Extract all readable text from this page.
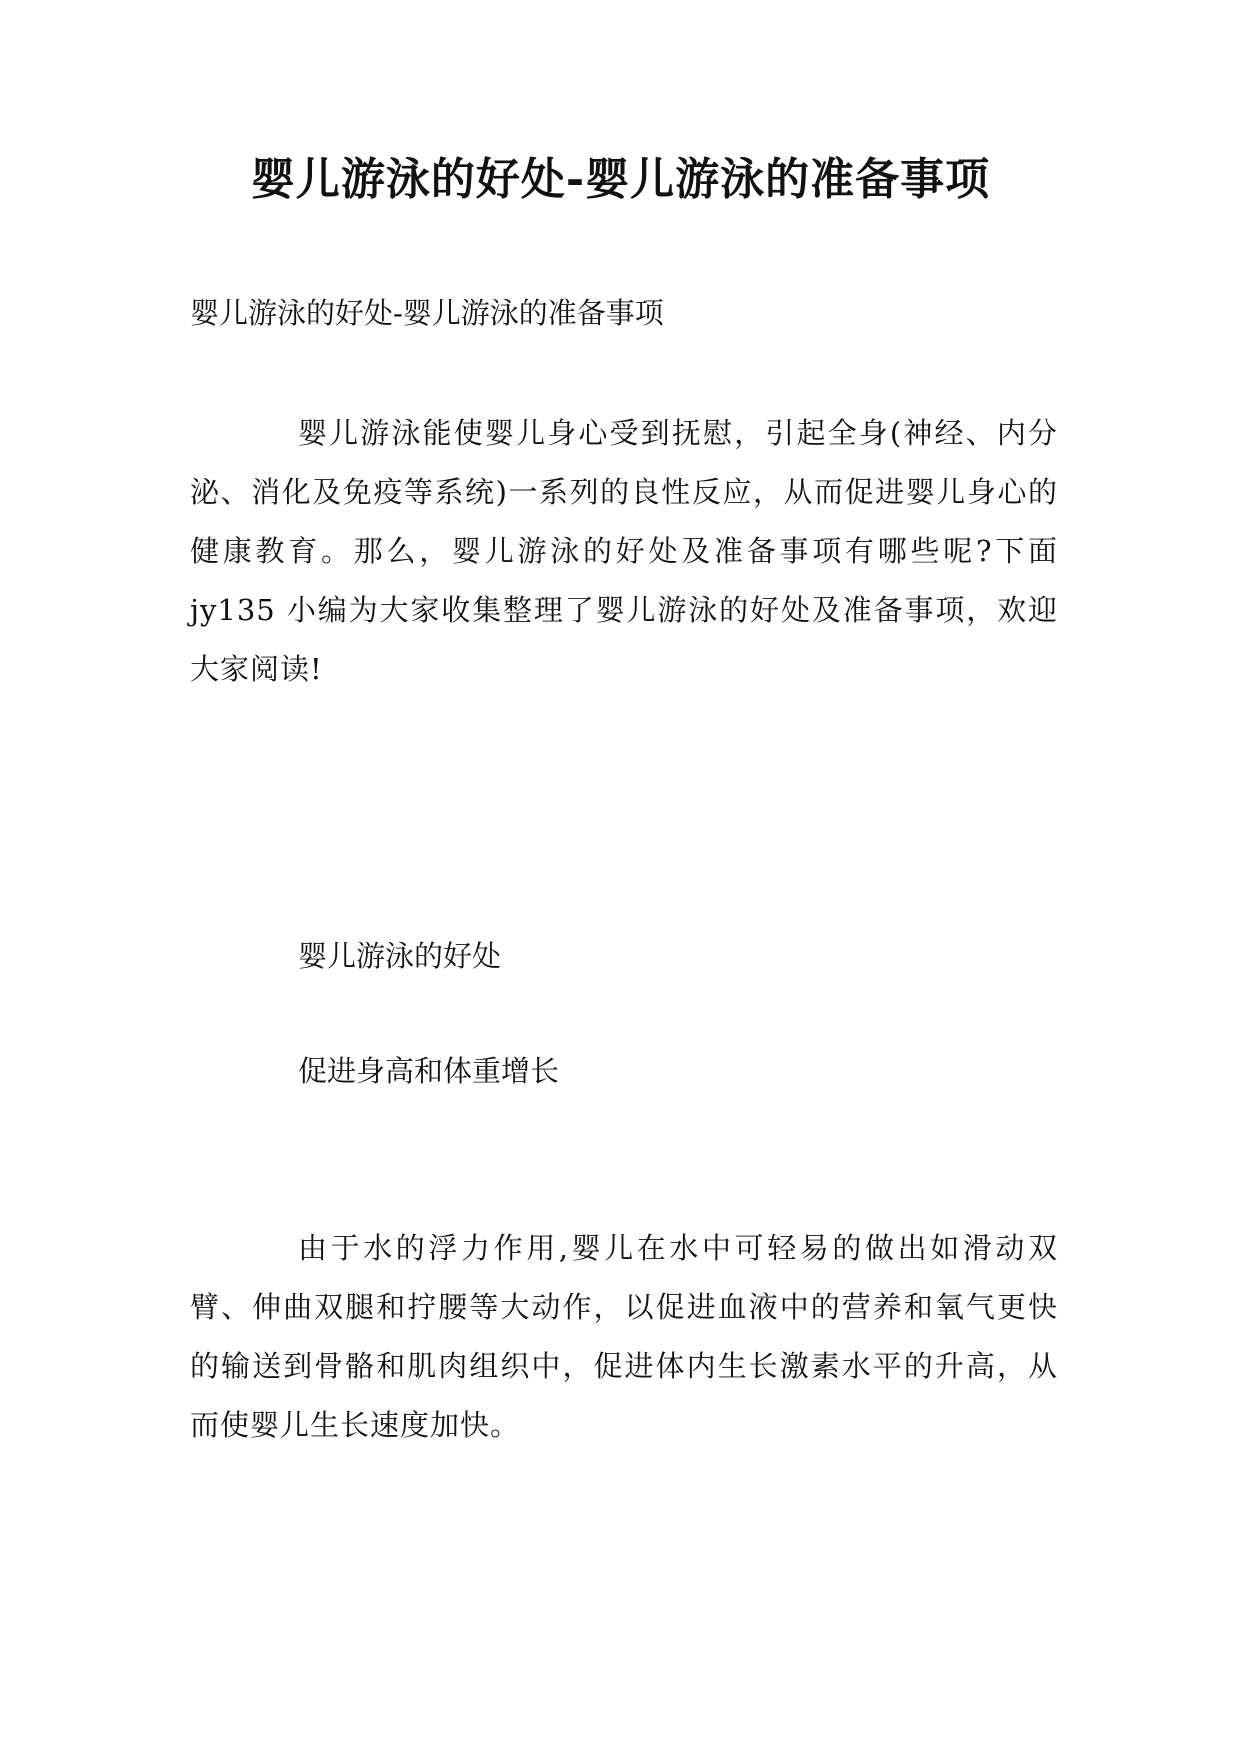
婴儿游泳的好处-婴儿游泳的准备事项

婴儿游泳的好处-婴儿游泳的准备事项

婴儿游泳能使婴儿身心受到抚慰，引起全身(神经、内分泌、消化及免疫等系统)一系列的良性反应，从而促进婴儿身心的健康教育。那么，婴儿游泳的好处及准备事项有哪些呢?下面 jy135 小编为大家收集整理了婴儿游泳的好处及准备事项，欢迎大家阅读!

婴儿游泳的好处

促进身高和体重增长

由于水的浮力作用,婴儿在水中可轻易的做出如滑动双臂、伸曲双腿和拧腰等大动作，以促进血液中的营养和氧气更快的输送到骨骼和肌肉组织中，促进体内生长激素水平的升高，从而使婴儿生长速度加快。
